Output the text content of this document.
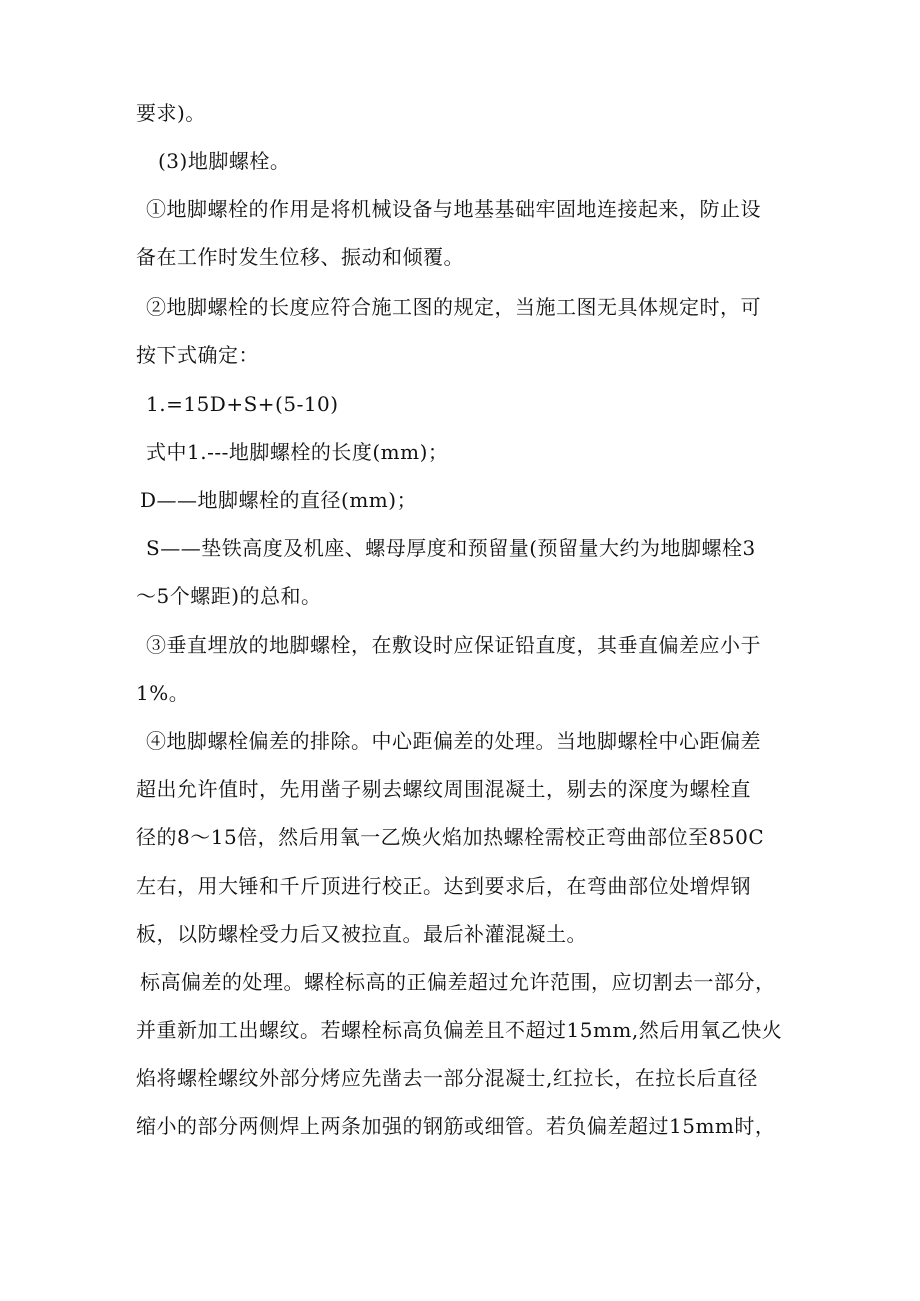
要求)。

(3)地脚螺栓。

①地脚螺栓的作用是将机械设备与地基基础牢固地连接起来，防止设

备在工作时发生位移、振动和倾覆。

②地脚螺栓的长度应符合施工图的规定，当施工图无具体规定时，可

按下式确定：

1.=15D+S+(5-10)

式中1.---地脚螺栓的长度(mm)；

D——地脚螺栓的直径(mm)；

S——垫铁高度及机座、螺母厚度和预留量(预留量大约为地脚螺栓3

～5个螺距)的总和。

③垂直埋放的地脚螺栓，在敷设时应保证铅直度，其垂直偏差应小于

1%。

④地脚螺栓偏差的排除。中心距偏差的处理。当地脚螺栓中心距偏差

超出允许值时，先用凿子剔去螺纹周围混凝土，剔去的深度为螺栓直

径的8～15倍，然后用氧一乙焕火焰加热螺栓需校正弯曲部位至850C

左右，用大锤和千斤顶进行校正。达到要求后，在弯曲部位处增焊钢

板，以防螺栓受力后又被拉直。最后补灌混凝土。

标高偏差的处理。螺栓标高的正偏差超过允许范围，应切割去一部分，

并重新加工出螺纹。若螺栓标高负偏差且不超过15mm,然后用氧乙快火

焰将螺栓螺纹外部分烤应先凿去一部分混凝士,红拉长，在拉长后直径

缩小的部分两侧焊上两条加强的钢筋或细管。若负偏差超过15mm时，
